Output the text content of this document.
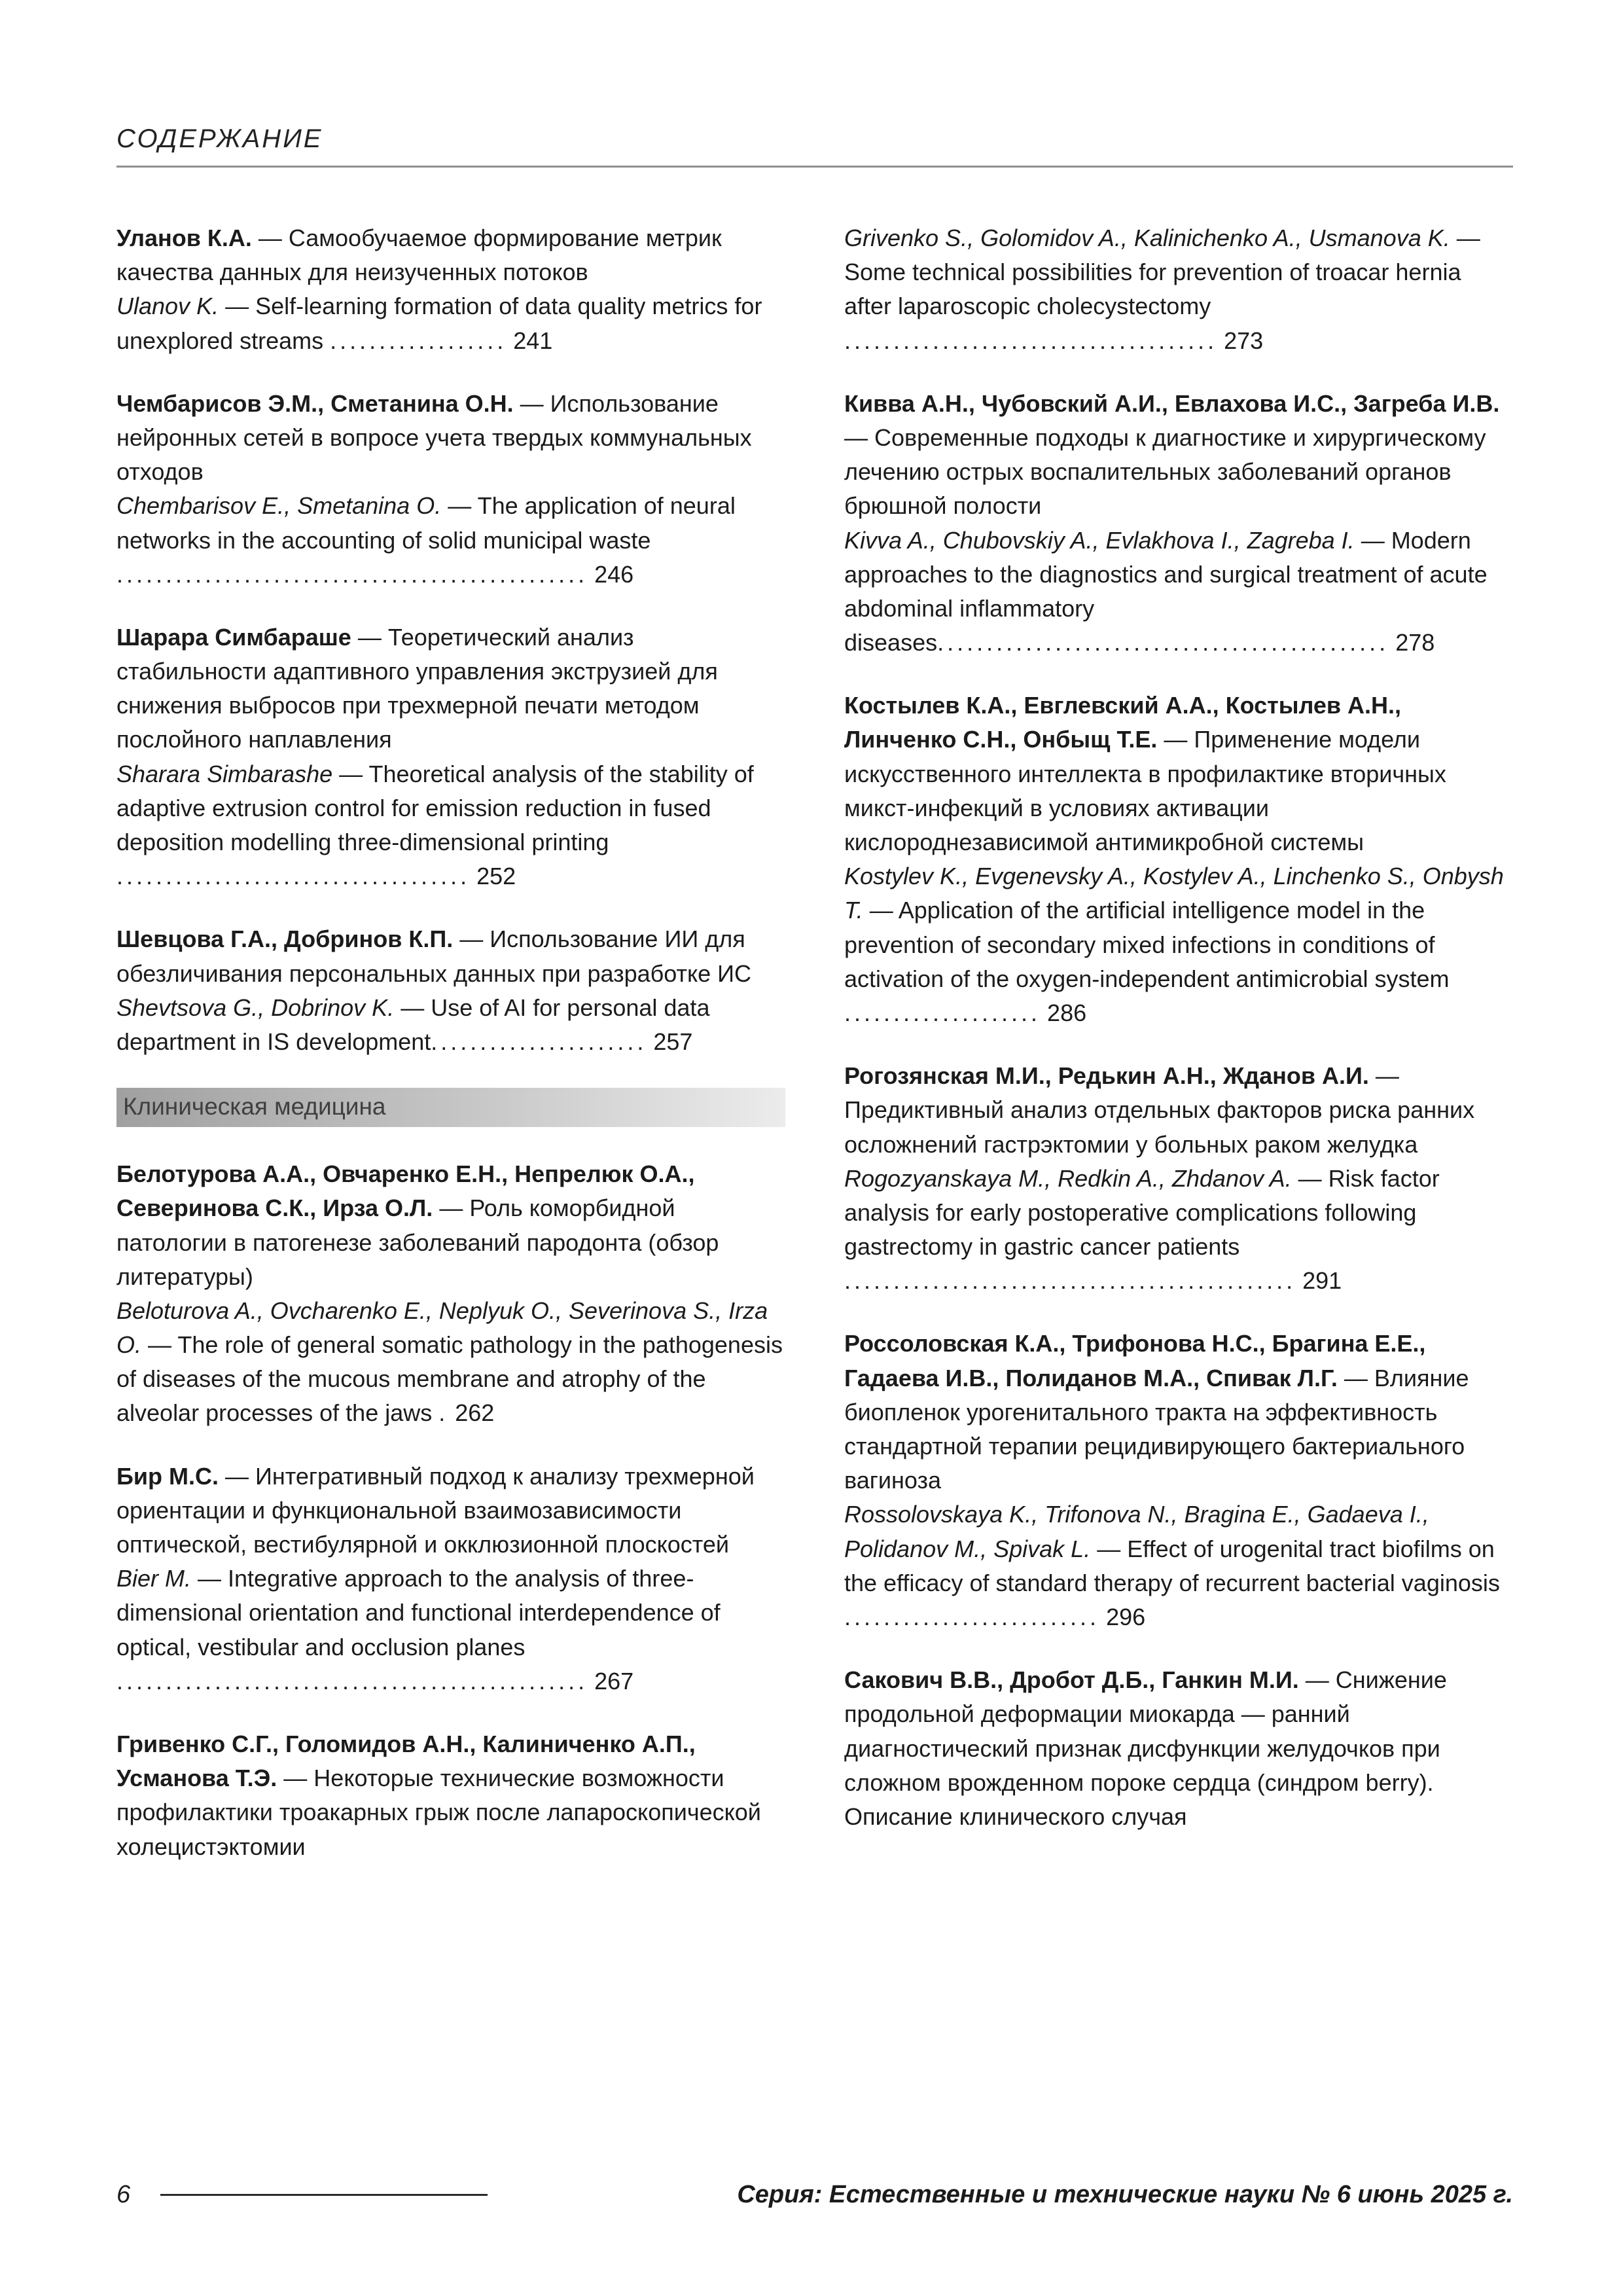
СОДЕРЖАНИЕ

Уланов К.А. — Самообучаемое формирование метрик качества данных для неизученных потоков

Ulanov K. — Self-learning formation of data quality metrics for unexplored streams .................. 241

Чембарисов Э.М., Сметанина О.Н. — Использование нейронных сетей в вопросе учета твердых коммунальных отходов

Chembarisov E., Smetanina O. — The application of neural networks in the accounting of solid municipal waste ................................................ 246

Шарара Симбараше — Теоретический анализ стабильности адаптивного управления экструзией для снижения выбросов при трехмерной печати методом послойного наплавления

Sharara Simbarashe — Theoretical analysis of the stability of adaptive extrusion control for emission reduction in fused deposition modelling three-dimensional printing .................................... 252

Шевцова Г.А., Добринов К.П. — Использование ИИ для обезличивания персональных данных при разработке ИС

Shevtsova G., Dobrinov K. — Use of AI for personal data department in IS development...................... 257

Клиническая медицина

Белотурова А.А., Овчаренко Е.Н., Непрелюк О.А., Северинова С.К., Ирза О.Л. — Роль коморбидной патологии в патогенезе заболеваний пародонта (обзор литературы)

Beloturova A., Ovcharenko E., Neplyuk O., Severinova S., Irza O. — The role of general somatic pathology in the pathogenesis of diseases of the mucous membrane and atrophy of the alveolar processes of the jaws . 262

Бир М.С. — Интегративный подход к анализу трехмерной ориентации и функциональной взаимозависимости оптической, вестибулярной и окклюзионной плоскостей

Bier M. — Integrative approach to the analysis of three-dimensional orientation and functional interdependence of optical, vestibular and occlusion planes ................................................ 267

Гривенко С.Г., Голомидов А.Н., Калиниченко А.П., Усманова Т.Э. — Некоторые технические возможности профилактики троакарных грыж после лапароскопической холецистэктомии

Grivenko S., Golomidov A., Kalinichenko A., Usmanova K. — Some technical possibilities for prevention of troacar hernia after laparoscopic cholecystectomy ...................................... 273

Кивва А.Н., Чубовский А.И., Евлахова И.С., Загреба И.В. — Современные подходы к диагностике и хирургическому лечению острых воспалительных заболеваний органов брюшной полости

Kivva A., Chubovskiy A., Evlakhova I., Zagreba I. — Modern approaches to the diagnostics and surgical treatment of acute abdominal inflammatory diseases.............................................. 278

Костылев К.А., Евглевский А.А., Костылев А.Н., Линченко С.Н., Онбыщ Т.Е. — Применение модели искусственного интеллекта в профилактике вторичных микст-инфекций в условиях активации кислороднезависимой антимикробной системы

Kostylev K., Evgenevsky A., Kostylev A., Linchenko S., Onbysh T. — Application of the artificial intelligence model in the prevention of secondary mixed infections in conditions of activation of the oxygen-independent antimicrobial system .................... 286

Рогозянская М.И., Редькин А.Н., Жданов А.И. — Предиктивный анализ отдельных факторов риска ранних осложнений гастрэктомии у больных раком желудка

Rogozyanskaya M., Redkin A., Zhdanov A. — Risk factor analysis for early postoperative complications following gastrectomy in gastric cancer patients .............................................. 291

Россоловская К.А., Трифонова Н.С., Брагина Е.Е., Гадаева И.В., Полиданов М.А., Спивак Л.Г. — Влияние биопленок урогенитального тракта на эффективность стандартной терапии рецидивирующего бактериального вагиноза

Rossolovskaya K., Trifonova N., Bragina E., Gadaeva I., Polidanov M., Spivak L. — Effect of urogenital tract biofilms on the efficacy of standard therapy of recurrent bacterial vaginosis .......................... 296

Сакович В.В., Дробот Д.Б., Ганкин М.И. — Снижение продольной деформации миокарда — ранний диагностический признак дисфункции желудочков при сложном врожденном пороке сердца (синдром berry). Описание клинического случая

6	Серия: Естественные и технические науки № 6 июнь 2025 г.
